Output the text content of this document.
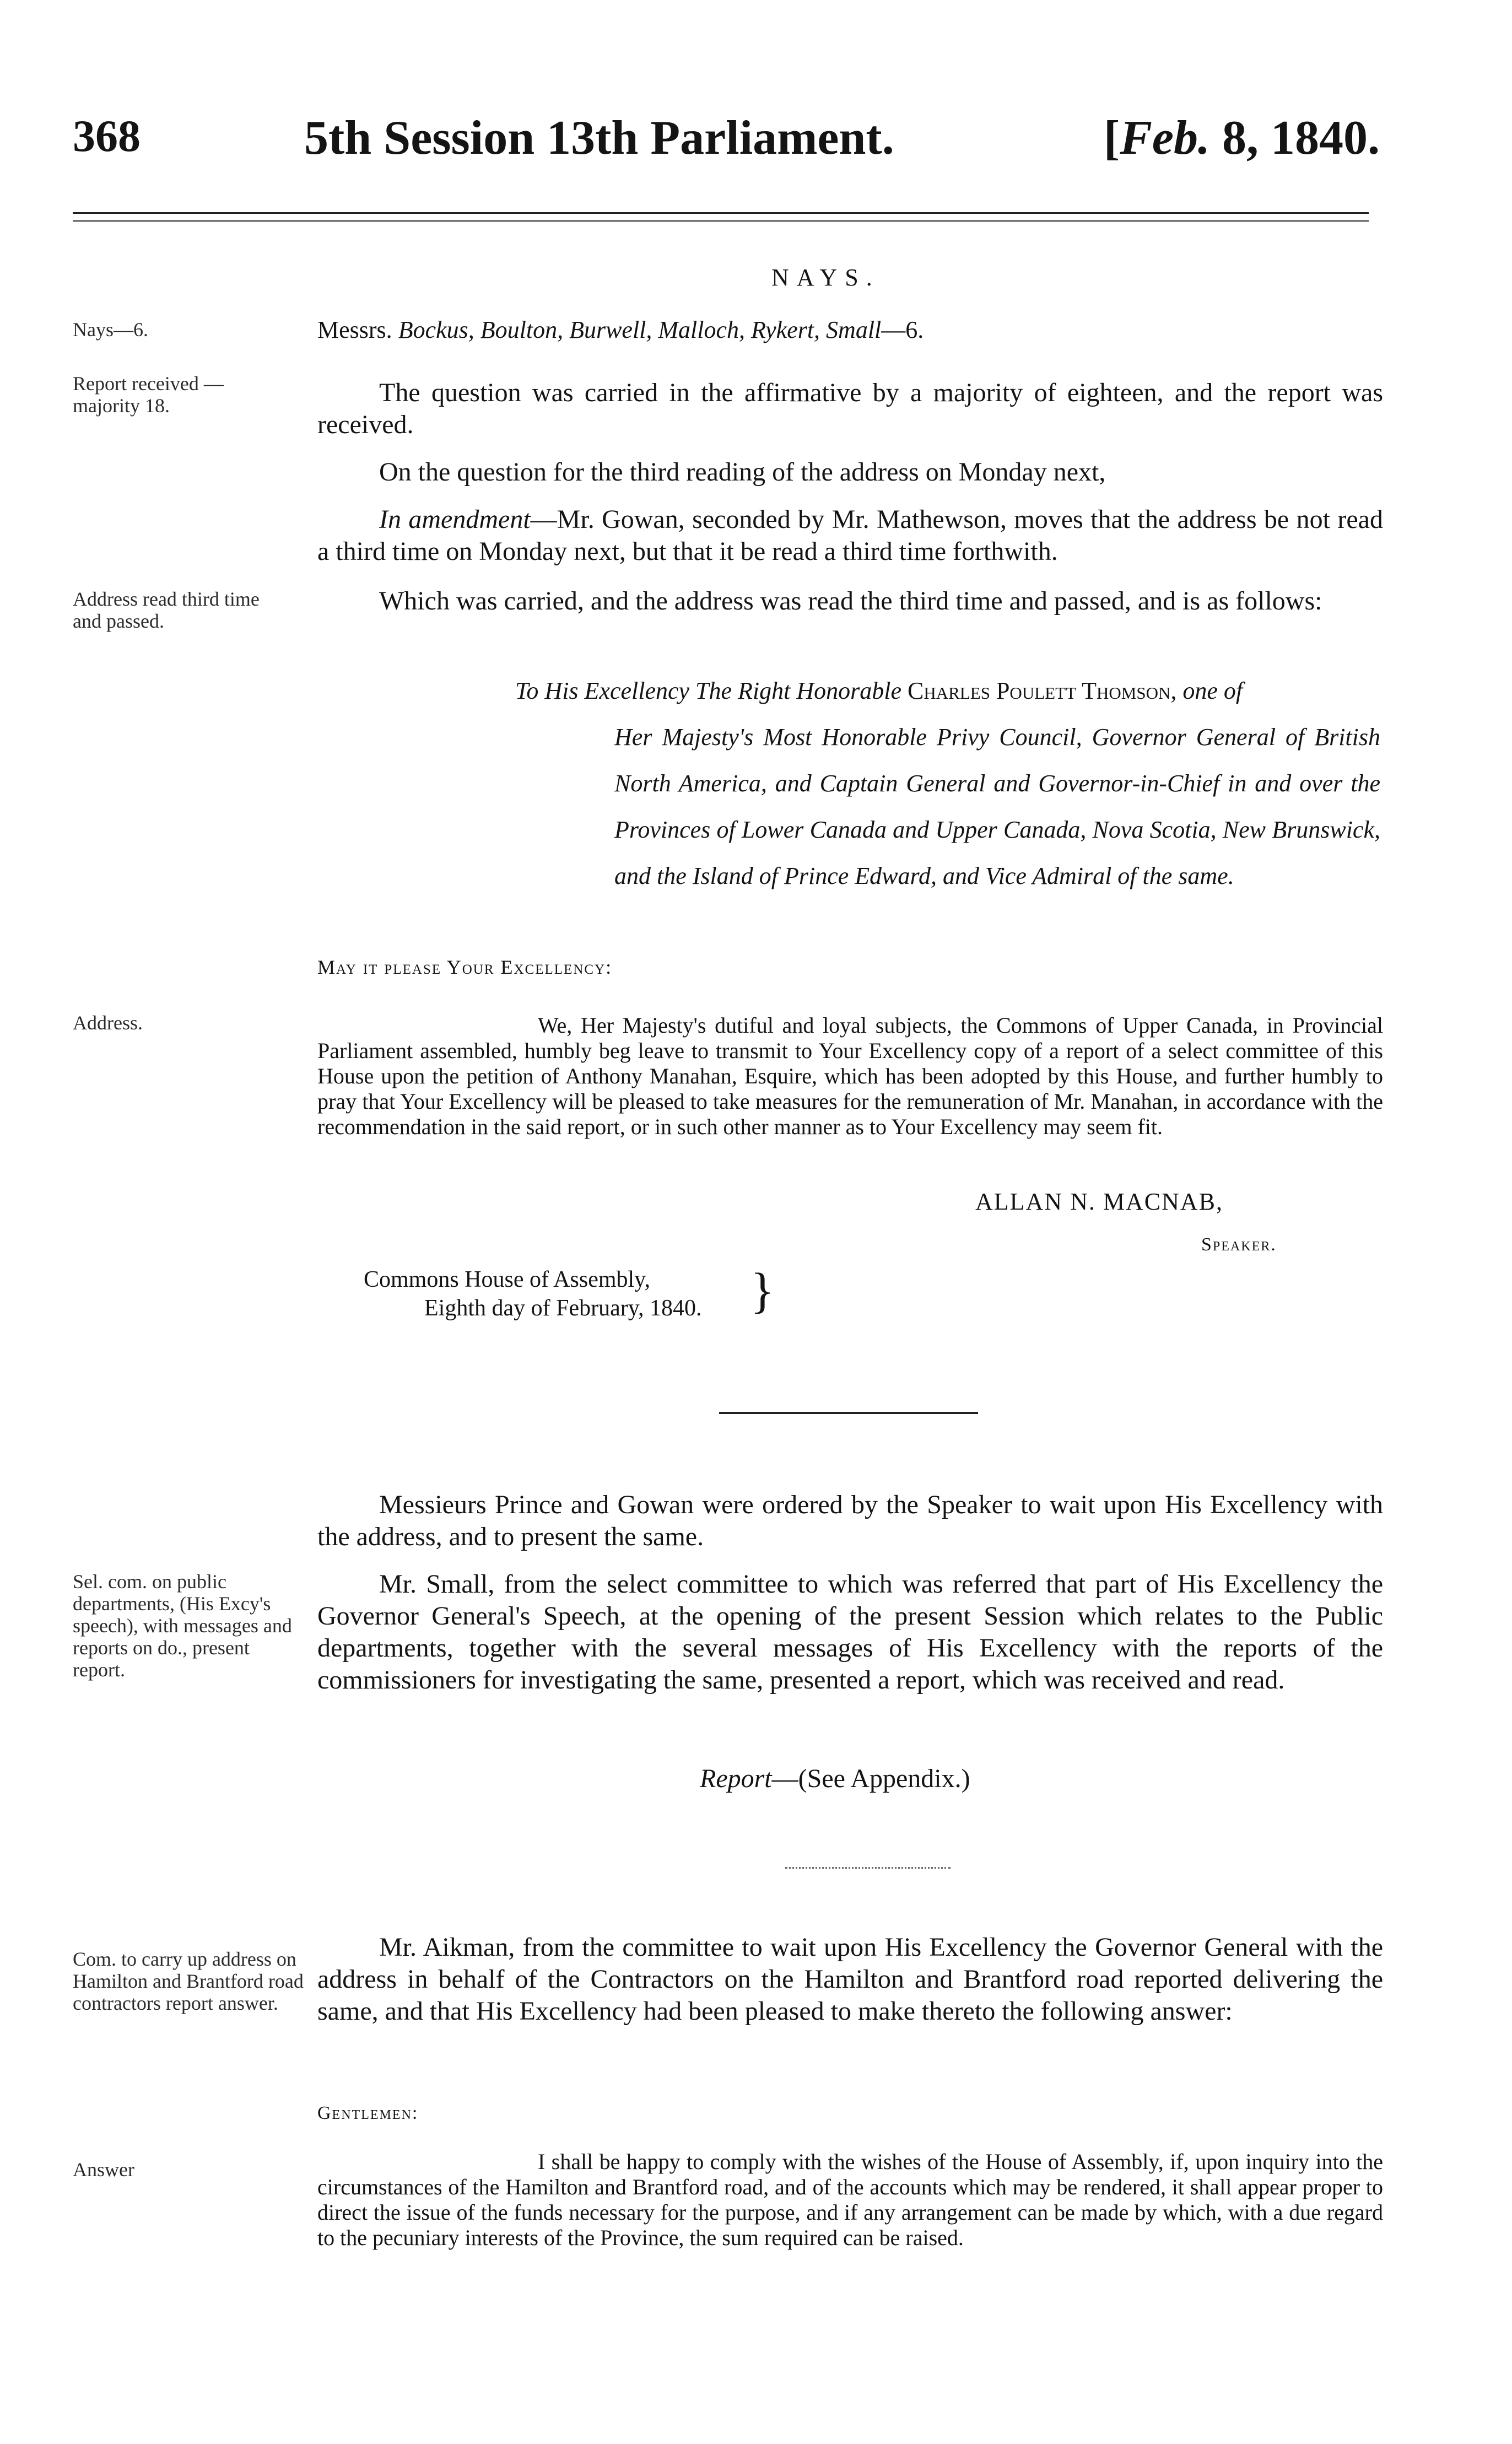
368	5th Session 13th Parliament.	[Feb. 8, 1840.
NAYS.
Nays—6.
Report received — majority 18.
Address read third time and passed.
Address.
Sel. com. on public departments, (His Excy's speech), with messages and reports on do., present report.
Com. to carry up address on Hamilton and Brantford road contractors report answer.
Answer
Messrs. Bockus, Boulton, Burwell, Malloch, Rykert, Small—6.
The question was carried in the affirmative by a majority of eighteen, and the report was received.
On the question for the third reading of the address on Monday next,
In amendment—Mr. Gowan, seconded by Mr. Mathewson, moves that the address be not read a third time on Monday next, but that it be read a third time forthwith.
Which was carried, and the address was read the third time and passed, and is as follows:
To His Excellency The Right Honorable Charles Poulett Thomson, one of
Her Majesty's Most Honorable Privy Council, Governor General of British North America, and Captain General and Governor-in-Chief in and over the Provinces of Lower Canada and Upper Canada, Nova Scotia, New Brunswick, and the Island of Prince Edward, and Vice Admiral of the same.
May it please Your Excellency:
We, Her Majesty's dutiful and loyal subjects, the Commons of Upper Canada, in Provincial Parliament assembled, humbly beg leave to transmit to Your Excellency copy of a report of a select committee of this House upon the petition of Anthony Manahan, Esquire, which has been adopted by this House, and further humbly to pray that Your Excellency will be pleased to take measures for the remuneration of Mr. Manahan, in accordance with the recommendation in the said report, or in such other manner as to Your Excellency may seem fit.
ALLAN N. MACNAB,
Speaker.
Commons House of Assembly,
Eighth day of February, 1840. }
Messieurs Prince and Gowan were ordered by the Speaker to wait upon His Excellency with the address, and to present the same.
Mr. Small, from the select committee to which was referred that part of His Excellency the Governor General's Speech, at the opening of the present Session which relates to the Public departments, together with the several messages of His Excellency with the reports of the commissioners for investigating the same, presented a report, which was received and read.
Report—(See Appendix.)
Mr. Aikman, from the committee to wait upon His Excellency the Governor General with the address in behalf of the Contractors on the Hamilton and Brantford road reported delivering the same, and that His Excellency had been pleased to make thereto the following answer:
Gentlemen:
I shall be happy to comply with the wishes of the House of Assembly, if, upon inquiry into the circumstances of the Hamilton and Brantford road, and of the accounts which may be rendered, it shall appear proper to direct the issue of the funds necessary for the purpose, and if any arrangement can be made by which, with a due regard to the pecuniary interests of the Province, the sum required can be raised.
